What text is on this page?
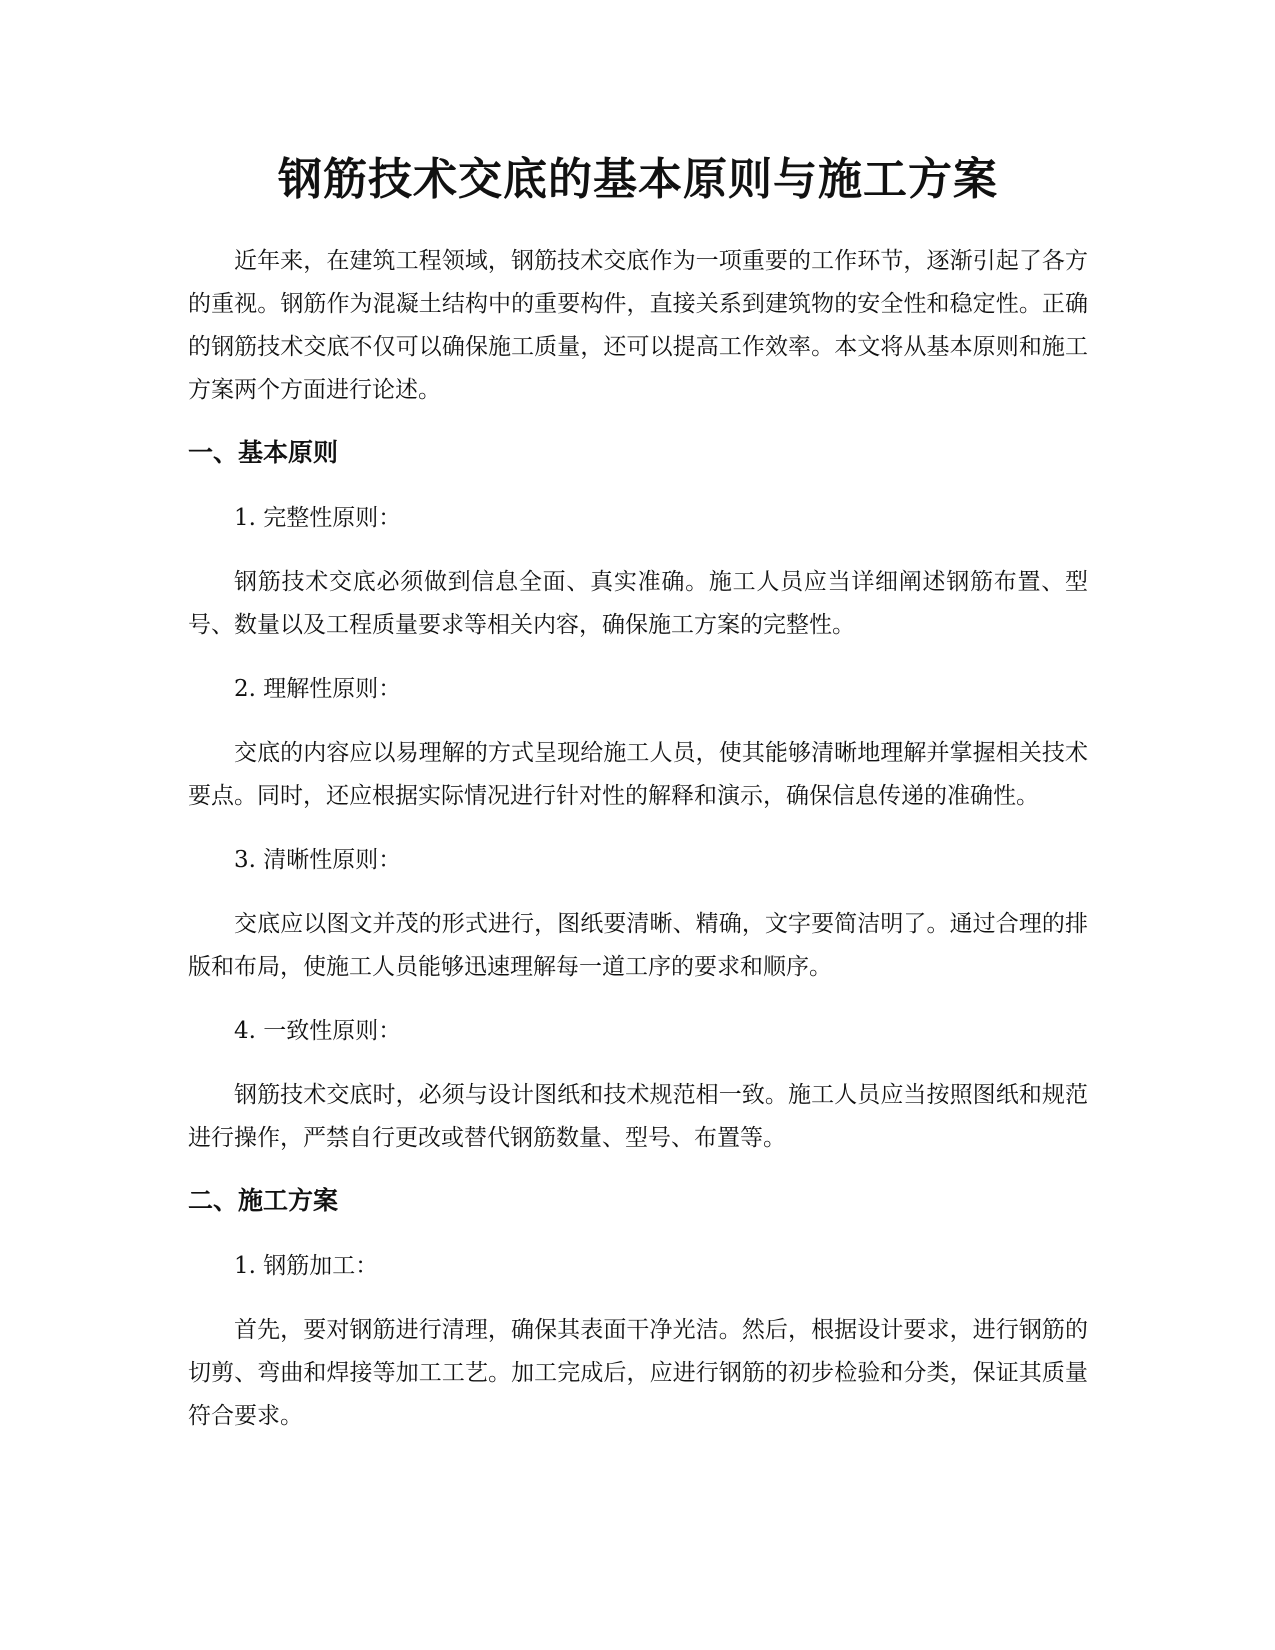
钢筋技术交底的基本原则与施工方案

近年来，在建筑工程领域，钢筋技术交底作为一项重要的工作环节，逐渐引起了各方的重视。钢筋作为混凝土结构中的重要构件，直接关系到建筑物的安全性和稳定性。正确的钢筋技术交底不仅可以确保施工质量，还可以提高工作效率。本文将从基本原则和施工方案两个方面进行论述。

一、基本原则

1. 完整性原则：

钢筋技术交底必须做到信息全面、真实准确。施工人员应当详细阐述钢筋布置、型号、数量以及工程质量要求等相关内容，确保施工方案的完整性。

2. 理解性原则：

交底的内容应以易理解的方式呈现给施工人员，使其能够清晰地理解并掌握相关技术要点。同时，还应根据实际情况进行针对性的解释和演示，确保信息传递的准确性。

3. 清晰性原则：

交底应以图文并茂的形式进行，图纸要清晰、精确，文字要简洁明了。通过合理的排版和布局，使施工人员能够迅速理解每一道工序的要求和顺序。

4. 一致性原则：

钢筋技术交底时，必须与设计图纸和技术规范相一致。施工人员应当按照图纸和规范进行操作，严禁自行更改或替代钢筋数量、型号、布置等。

二、施工方案

1. 钢筋加工：

首先，要对钢筋进行清理，确保其表面干净光洁。然后，根据设计要求，进行钢筋的切剪、弯曲和焊接等加工工艺。加工完成后，应进行钢筋的初步检验和分类，保证其质量符合要求。
